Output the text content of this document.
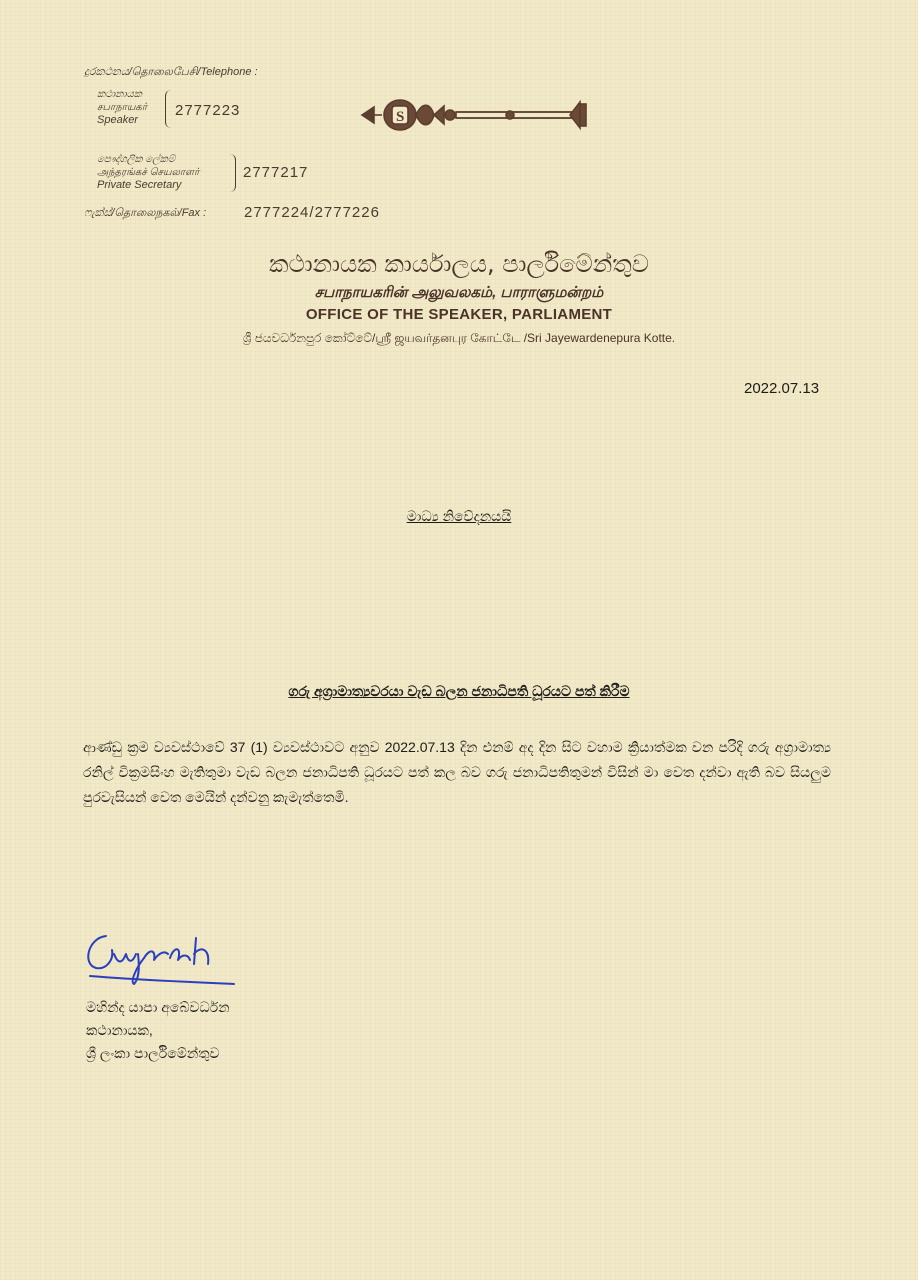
දුරකථනය/தொலைபேசி/Telephone :
කථානායක
சபாநாயகர்
Speaker
2777223
පෞද්ගලික ලේකම්
அந்தரங்கச் செயலாளர்
Private Secretary
2777217
ෆැක්ස්/தொலைநகல்/Fax :	2777224/2777226
S
කථානායක කාර්යාලය, පාර්ලිමේන්තුව
சபாநாயகரின் அலுவலகம், பாராளுமன்றம்
OFFICE OF THE SPEAKER, PARLIAMENT
ශ්‍රී ජයවර්ධනපුර කෝට්ටේ/ஸ்ரீ ஜயவர்தனபுர கோட்டே /Sri Jayewardenepura Kotte.
2022.07.13
මාධ්‍ය නිවේදනයයි
ගරු අග්‍රාමාත්‍යවරයා වැඩ බලන ජනාධිපති ධූරයට පත් කිරීම
ආණ්ඩු ක්‍රම ව්‍යවස්ථාවේ 37 (1) ව්‍යවස්ථාවට අනුව 2022.07.13 දින එනම් අද දින සිට වහාම ක්‍රියාත්මක වන පරිදි ගරු අග්‍රාමාත්‍ය රනිල් වික්‍රමසිංහ මැතිතුමා වැඩ බලන ජනාධිපති ධූරයට පත් කල බව ගරු ජනාධිපතිතුමන් විසින් මා වෙත දන්වා ඇති බව සියලුම පුරවැසියන් වෙත මෙයින් දන්වනු කැමැත්තෙමි.
මහින්ද යාපා අබේවර්ධන
කථානායක,
ශ්‍රී ලංකා පාර්ලිමේන්තුව
